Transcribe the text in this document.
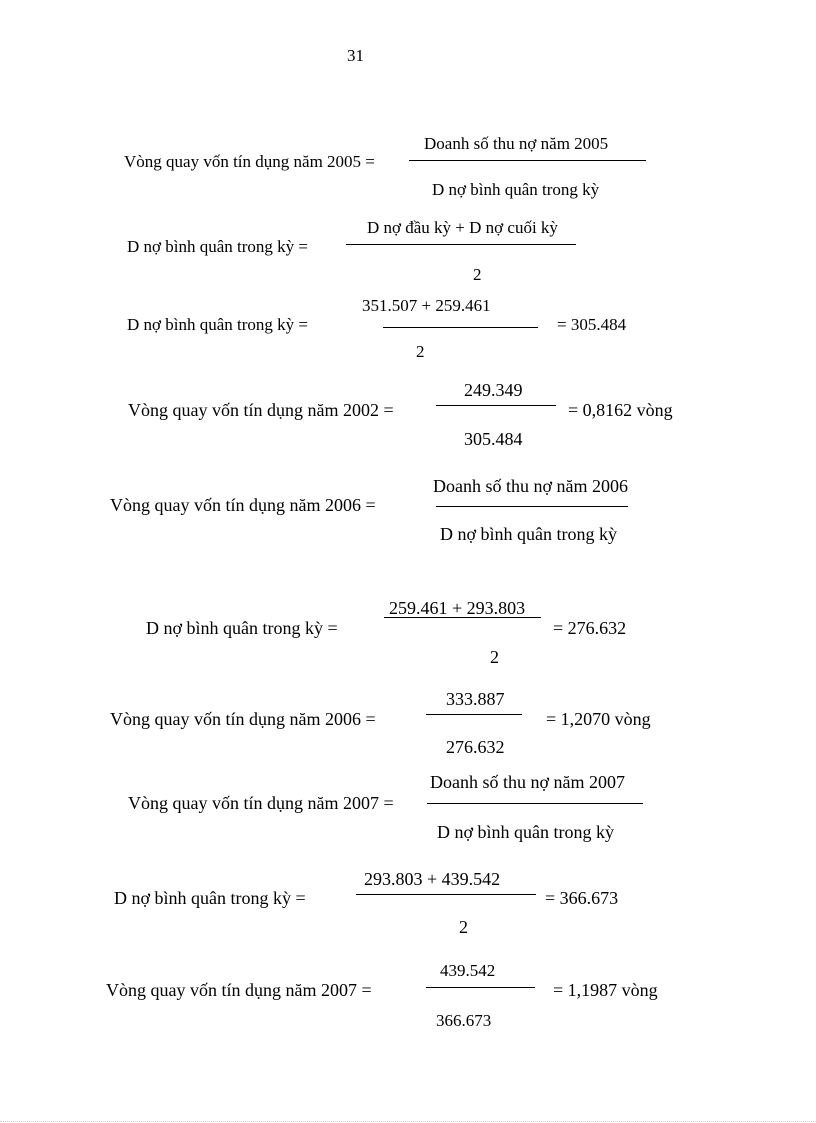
31
Vòng quay vốn tín dụng năm 2005 =
Doanh số thu nợ năm 2005
D nợ bình quân trong kỳ
D nợ bình quân trong kỳ =
D nợ đầu kỳ + D nợ cuối kỳ
2
D nợ bình quân trong kỳ =
351.507 + 259.461
2
= 305.484
Vòng quay vốn tín dụng năm 2002 =
249.349
305.484
= 0,8162 vòng
Vòng quay vốn tín dụng năm 2006 =
Doanh số thu nợ năm 2006
D nợ bình quân trong kỳ
D nợ bình quân trong kỳ =
259.461 + 293.803
2
= 276.632
Vòng quay vốn tín dụng năm 2006 =
333.887
276.632
= 1,2070 vòng
Vòng quay vốn tín dụng năm 2007 =
Doanh số thu nợ năm 2007
D nợ bình quân trong kỳ
D nợ bình quân trong kỳ =
293.803 + 439.542
2
= 366.673
Vòng quay vốn tín dụng năm 2007 =
439.542
366.673
= 1,1987 vòng
